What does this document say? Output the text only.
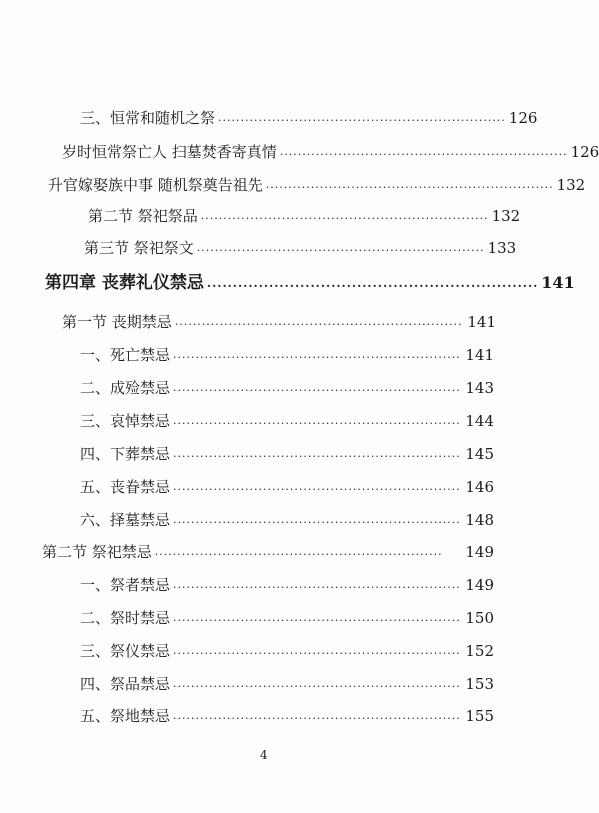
三、恒常和随机之祭 ································································ 126
岁时恒常祭亡人 扫墓焚香寄真情 ································································ 126
升官嫁娶族中事 随机祭奠告祖先 ································································ 132
第二节 祭祀祭品 ································································ 132
第三节 祭祀祭文 ································································ 133
第四章 丧葬礼仪禁忌 ································································ 141
第一节 丧期禁忌 ································································ 141
一、死亡禁忌 ································································ 141
二、成殓禁忌 ································································ 143
三、哀悼禁忌 ································································ 144
四、下葬禁忌 ································································ 145
五、丧眷禁忌 ································································ 146
六、择墓禁忌 ································································ 148
第二节 祭祀禁忌 ································································	149
一、祭者禁忌 ································································ 149
二、祭时禁忌 ································································ 150
三、祭仪禁忌 ································································ 152
四、祭品禁忌 ································································ 153
五、祭地禁忌 ································································ 155
4
